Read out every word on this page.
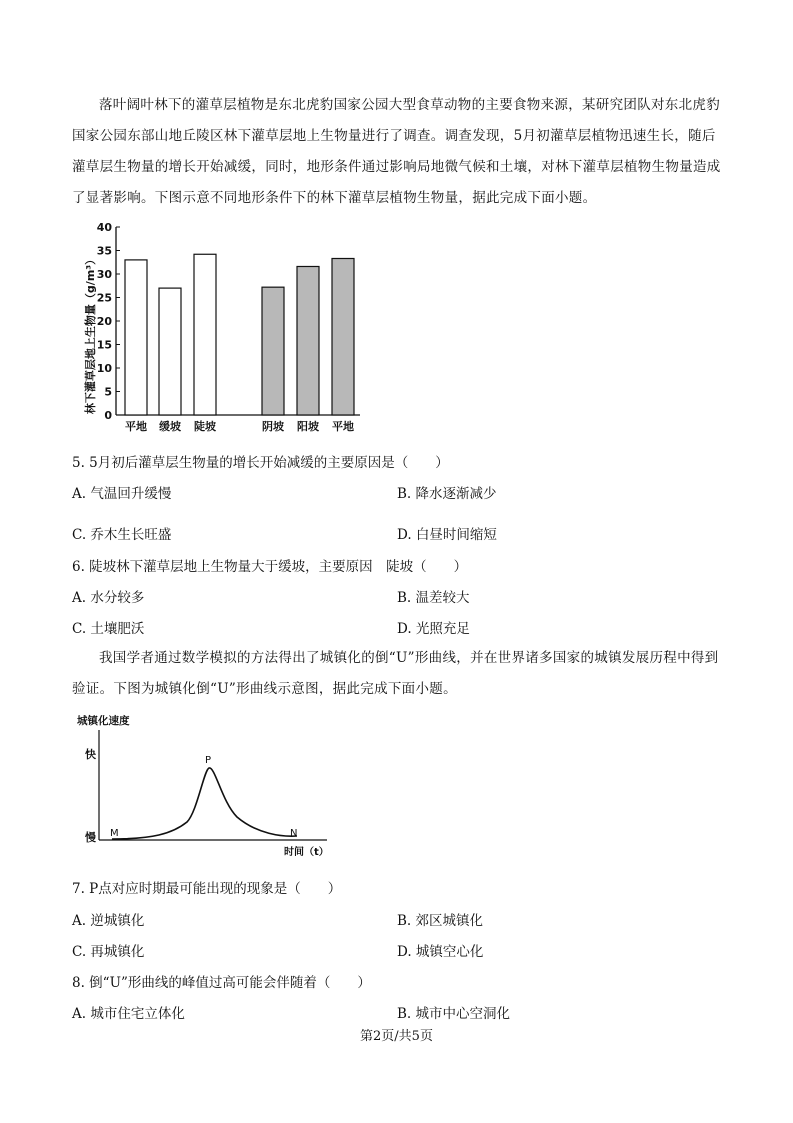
落叶阔叶林下的灌草层植物是东北虎豹国家公园大型食草动物的主要食物来源，某研究团队对东北虎豹国家公园东部山地丘陵区林下灌草层地上生物量进行了调查。调查发现，5月初灌草层植物迅速生长，随后灌草层生物量的增长开始减缓，同时，地形条件通过影响局地微气候和土壤，对林下灌草层植物生物量造成了显著影响。下图示意不同地形条件下的林下灌草层植物生物量，据此完成下面小题。
林下灌草层地上生物量（g/m³）
0
5
10
15
20
25
30
35
40
平地 缓坡 陡坡	阴坡 阳坡 平地
5. 5月初后灌草层生物量的增长开始减缓的主要原因是（　　）
A. 气温回升缓慢	B. 降水逐渐减少
C. 乔木生长旺盛	D. 白昼时间缩短
6. 陡坡林下灌草层地上生物量大于缓坡，主要原因　陡坡（　　）
A. 水分较多	B. 温差较大
C. 土壤肥沃	D. 光照充足
我国学者通过数学模拟的方法得出了城镇化的倒“U”形曲线，并在世界诸多国家的城镇发展历程中得到验证。下图为城镇化倒“U”形曲线示意图，据此完成下面小题。
城镇化速度
快
慢 M
P
N
时间（t）
7. P点对应时期最可能出现的现象是（　　）
A. 逆城镇化	B. 郊区城镇化
C. 再城镇化	D. 城镇空心化
8. 倒“U”形曲线的峰值过高可能会伴随着（　　）
A. 城市住宅立体化	B. 城市中心空洞化
第2页/共5页
